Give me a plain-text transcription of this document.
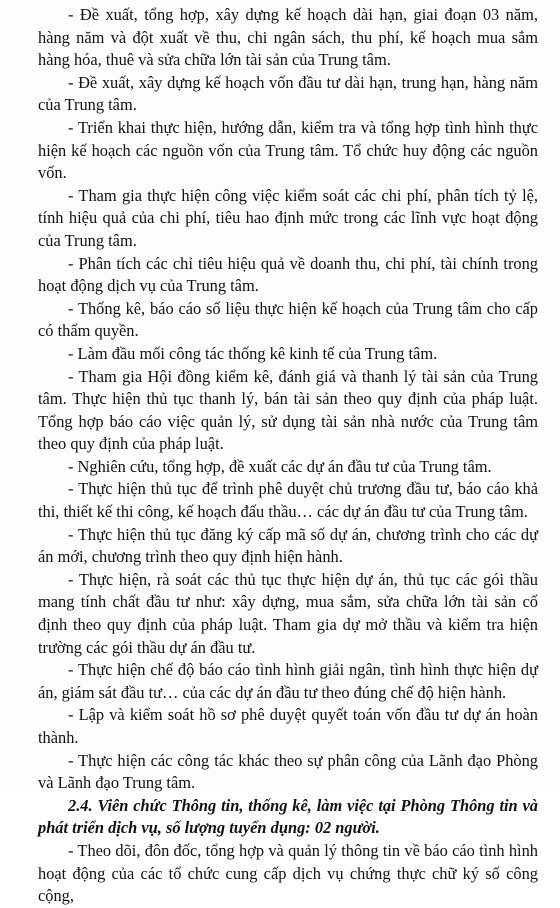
- Đề xuất, tổng hợp, xây dựng kế hoạch dài hạn, giai đoạn 03 năm, hàng năm và đột xuất về thu, chi ngân sách, thu phí, kế hoạch mua sắm hàng hóa, thuê và sửa chữa lớn tài sản của Trung tâm.

- Đề xuất, xây dựng kế hoạch vốn đầu tư dài hạn, trung hạn, hàng năm của Trung tâm.

- Triển khai thực hiện, hướng dẫn, kiểm tra và tổng hợp tình hình thực hiện kế hoạch các nguồn vốn của Trung tâm. Tổ chức huy động các nguồn vốn.

- Tham gia thực hiện công việc kiểm soát các chi phí, phân tích tỷ lệ, tính hiệu quả của chi phí, tiêu hao định mức trong các lĩnh vực hoạt động của Trung tâm.

- Phân tích các chỉ tiêu hiệu quả về doanh thu, chi phí, tài chính trong hoạt động dịch vụ của Trung tâm.

- Thống kê, báo cáo số liệu thực hiện kế hoạch của Trung tâm cho cấp có thẩm quyền.

- Làm đầu mối công tác thống kê kinh tế của Trung tâm.

- Tham gia Hội đồng kiểm kê, đánh giá và thanh lý tài sản của Trung tâm. Thực hiện thủ tục thanh lý, bán tài sản theo quy định của pháp luật. Tổng hợp báo cáo việc quản lý, sử dụng tài sản nhà nước của Trung tâm theo quy định của pháp luật.

- Nghiên cứu, tổng hợp, đề xuất các dự án đầu tư của Trung tâm.

- Thực hiện thủ tục để trình phê duyệt chủ trương đầu tư, báo cáo khả thi, thiết kế thi công, kế hoạch đấu thầu… các dự án đầu tư của Trung tâm.

- Thực hiện thủ tục đăng ký cấp mã số dự án, chương trình cho các dự án mới, chương trình theo quy định hiện hành.

- Thực hiện, rà soát các thủ tục thực hiện dự án, thủ tục các gói thầu mang tính chất đầu tư như: xây dựng, mua sắm, sửa chữa lớn tài sản cố định theo quy định của pháp luật. Tham gia dự mở thầu và kiểm tra hiện trường các gói thầu dự án đầu tư.

- Thực hiện chế độ báo cáo tình hình giải ngân, tình hình thực hiện dự án, giám sát đầu tư… của các dự án đầu tư theo đúng chế độ hiện hành.

- Lập và kiểm soát hồ sơ phê duyệt quyết toán vốn đầu tư dự án hoàn thành.

- Thực hiện các công tác khác theo sự phân công của Lãnh đạo Phòng và Lãnh đạo Trung tâm.

2.4. Viên chức Thông tin, thống kê, làm việc tại Phòng Thông tin và phát triển dịch vụ, số lượng tuyển dụng: 02 người.

- Theo dõi, đôn đốc, tổng hợp và quản lý thông tin về báo cáo tình hình hoạt động của các tổ chức cung cấp dịch vụ chứng thực chữ ký số công cộng,
